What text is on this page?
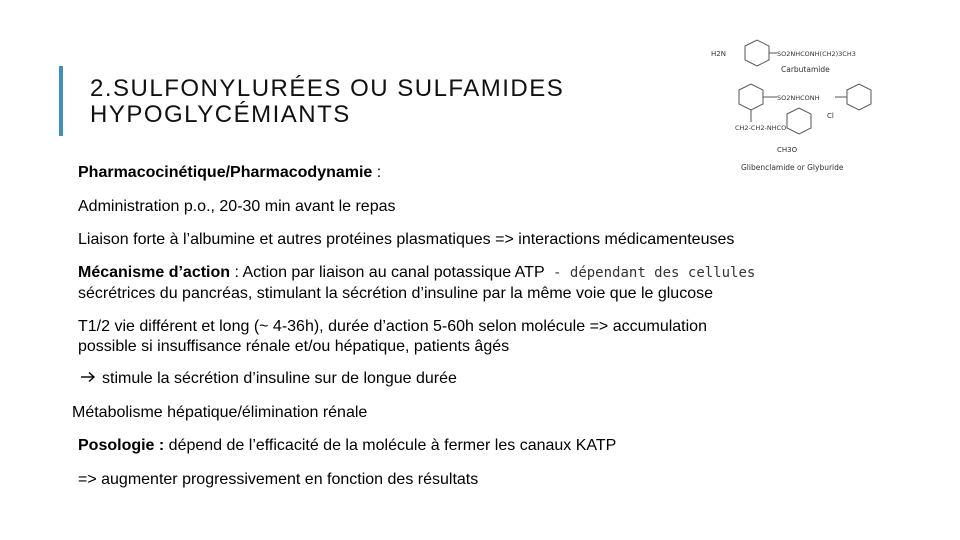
2.SULFONYLURÉES OU SULFAMIDES
HYPOGLYCÉMIANTS
H2N	SO2NHCONH(CH2)3CH3
Carbutamide
SO2NHCONH
Cl
CH2-CH2-NHCO
CH3O
Glibenclamide or Glyburide
Pharmacocinétique/Pharmacodynamie :
Administration p.o., 20-30 min avant le repas
Liaison forte à l’albumine et autres protéines plasmatiques => interactions médicamenteuses
Mécanisme d’action : Action par liaison au canal potassique ATP - dépendant des cellules
sécrétrices du pancréas, stimulant la sécrétion d’insuline par la même voie que le glucose
T1/2 vie différent et long (~ 4-36h), durée d’action 5-60h selon molécule => accumulation
possible si insuffisance rénale et/ou hépatique, patients âgés
stimule la sécrétion d’insuline sur de longue durée
Métabolisme hépatique/élimination rénale
Posologie : dépend de l’efficacité de la molécule à fermer les canaux KATP
=> augmenter progressivement en fonction des résultats
